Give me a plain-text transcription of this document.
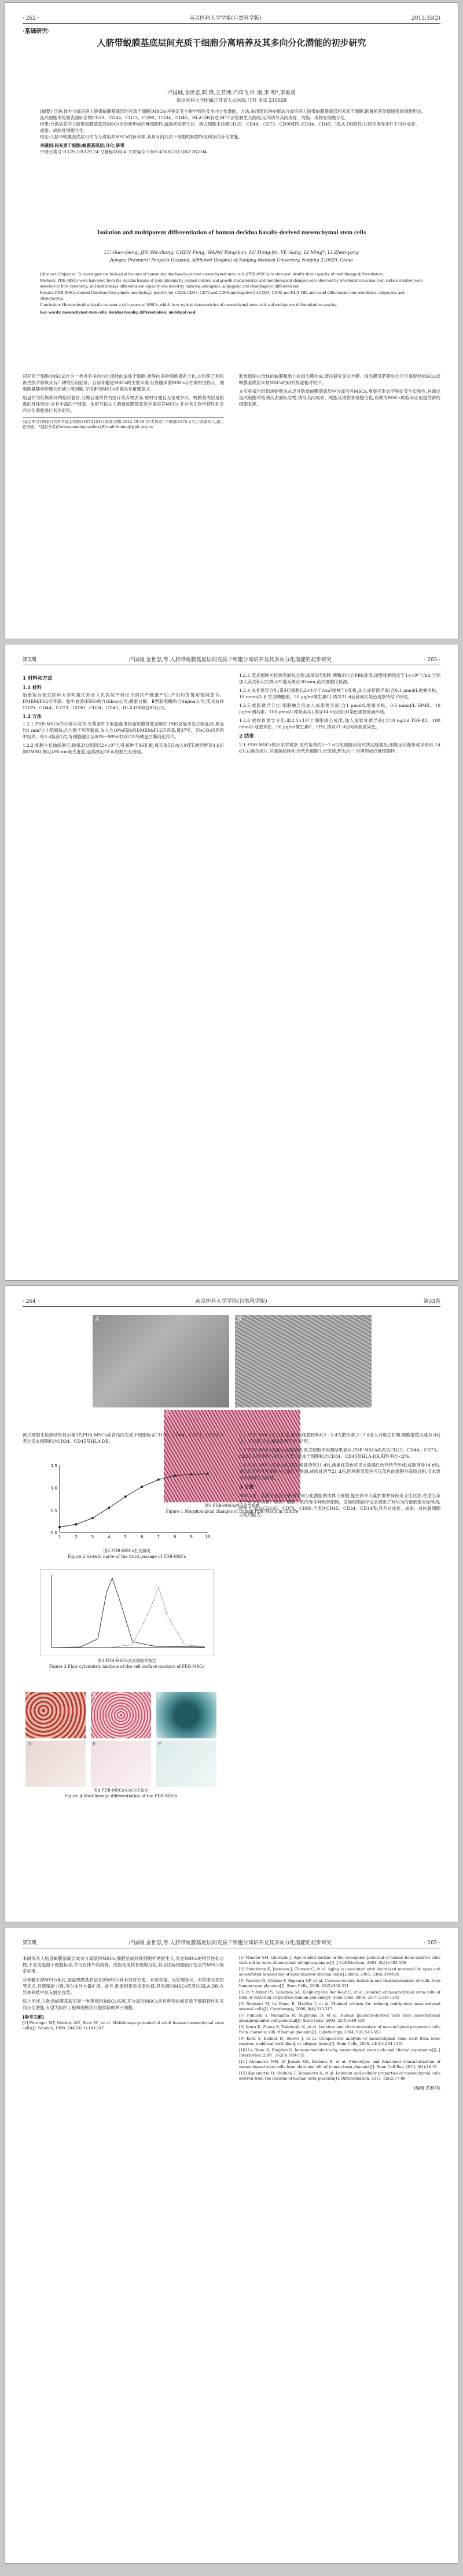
· 262 ·	南京医科大学学报(自然科学版)	2013,33(2)
·基础研究·
人脐带蜕膜基底层间充质干细胞分离培养及其多向分化潜能的初步研究
卢国城,金世忠,陈 锋,王芳坤,卢鸿飞,叶 刚,李 明*,李振勇
南京医科大学附属江苏省人民医院,江苏 南京 210029

[摘要] 目的:体外分离培养人脐带蜕膜基底层间充质干细胞(MSCs)并鉴定其生物学特性及多向分化潜能。方法:采用组织块贴壁法分离培养人脐带蜕膜基底层间充质干细胞,倒置相差显微镜观察细胞形态,流式细胞术检测表面标志物CD29、CD44、CD73、CD90、CD34、CD45、HLA-DR表达,MTT法绘制生长曲线,定向诱导其向成骨、成脂、成软骨细胞分化。

结果:分离培养的人脐带蜕膜基底层MSCs呈长梭形成纤维细胞样,漩涡状贴壁生长。流式细胞术检测CD29、CD44、CD73、CD90阳性,CD34、CD45、HLA-DR阴性;在特定诱导条件下可向成骨、成脂、成软骨细胞分化。

结论:人脐带蜕膜基底层可作为分离培养MSCs的新来源,其具有间充质干细胞的典型特征和多向分化潜能。

关键词:间充质干细胞;蜕膜基底层;分化;脐带

中图分类号:R329.2;R329.24 文献标识码:A 文章编号:1007-4368(2013)02-262-04

Isolation and multipotent differentiation of human decidua basalis-derived mesenchymal stem cells
LU Guo-cheng, JIN Shi-zhong, CHEN Feng, WANG Fang-kun, LU Hong-fei, YE Gang, LI Ming*, LI Zhen-yong
Jiangsu Provincial People's Hospital, Affiliated Hospital of Nanjing Medical University, Nanjing 210029, China

[Abstract] Objective: To investigate the biological features of human decidua basalis-derived mesenchymal stem cells (PDB-MSCs) in vitro and identify their capacity of multilineage differentiation.

Methods: PDB-MSCs were harvested from the decidua basalis of term placenta by explant culture, and growth characteristics and morphological changes were observed by inverted microscope. Cell surface markers were detected by flow cytometry, and multilineage differentiation capacity was tested by inducing osteogenic, adipogenic and chondrogenic differentiation.

Results: PDB-MSCs showed fibroblast-like spindle morphology, positive for CD29, CD44, CD73 and CD90 and negative for CD34, CD45 and HLA-DR, and could differentiate into osteoblasts, adipocytes and chondrocytes.

Conclusion: Human decidua basalis contains a rich source of MSCs, which have typical characteristics of mesenchymal stem cells and multipotent differentiation capacity.

Key words: mesenchymal stem cells; decidua basalis; differentiation; umbilical cord

间充质干细胞(MSCs)作为一类具有多向分化潜能的成体干细胞,能够向多种细胞谱系分化,在组织工程和再生医学领域具有广阔的应用前景。目前骨髓是MSCs的主要来源,但骨髓来源MSCs存在取材创伤大、细胞数量随年龄增长而减少等问题,寻找新的MSCs来源具有重要意义。

胎盘作为妊娠期间的临时器官,分娩后通常作为医疗废弃物丢弃,取材方便且无伦理争议。蜕膜基底层是胎盘的母体部分,含有丰富的干细胞。本研究拟从人胎盘蜕膜基底层分离培养MSCs,并对其生物学特性和多向分化潜能进行初步研究。

[基金项目] 国家自然科学基金资助(81071151) [收稿日期] 2012-09-18 [作者简介] 卢国城(1975-),男,江苏南京人,副主任医师。 *通信作者(Corresponding author),E-mail:liming@jsph.org.cn

胎盘组织由母体的蜕膜和胎儿的绒毛膜构成,既往研究显示羊膜、绒毛膜及脐带中均可分离得到MSCs,而蜕膜基底层来源MSCs的研究报道相对较少。

本实验采用组织块贴壁法从足月胎盘蜕膜基底层中分离培养MSCs,观察其形态学特征及生长特性,并通过流式细胞术检测其表面标志物,诱导其向成骨、成脂及成软骨细胞分化,以期为MSCs的临床应用提供新的细胞来源。

第2期	卢国城,金世忠,等.人脐带蜕膜基底层间充质干细胞分离培养及其多向分化潜能的初步研究	· 263 ·
1 材料和方法
1.1 材料

胎盘取自南京医科大学附属江苏省人民医院产科足月剖宫产健康产妇,产妇均签署知情同意书。DMEM/F12培养基、胎牛血清(FBS)购自Gibco公司;胰蛋白酶、Ⅱ型胶原酶购自Sigma公司;流式抗体CD29、CD44、CD73、CD90、CD34、CD45、HLA-DR购自BD公司。

1.2 方法

1.2.1 PDB-MSCs的分离与培养:无菌条件下取胎盘母体面蜕膜基底层组织,PBS反复冲洗去除血液,剪成约1 mm³大小组织块,均匀贴于培养瓶底,加入含10%FBS的DMEM/F12培养基,置37℃、5%CO₂培养箱中培养。每3 d换液1次,待细胞融合至80%~90%时以0.25%胰蛋白酶消化传代。

1.2.2 细胞生长曲线测定:取第3代细胞以2×10³个/孔接种于96孔板,每天取5孔加入MTT,继续孵育4 h后加DMSO,测定490 nm吸光度值,连续测定10 d,绘制生长曲线。

1.2.3 流式细胞术检测表面标志物:取第3代细胞,胰酶消化后PBS洗涤,调整细胞浓度至1×10⁶个/ml,分别加入荧光标记抗体,4℃避光孵育30 min,流式细胞仪检测。

1.2.4 成骨诱导分化:第3代细胞以2×10⁴个/cm²接种于6孔板,加入成骨诱导液(含0.1 μmol/L地塞米松、10 mmol/L β-甘油磷酸钠、50 μg/ml维生素C),诱导21 d后茜素红染色观察钙结节形成。

1.2.5 成脂诱导分化:细胞融合后加入成脂诱导液(含1 μmol/L地塞米松、0.5 mmol/L IBMX、10 μg/ml胰岛素、100 μmol/L吲哚美辛),诱导14 d后油红O染色观察脂滴形成。

1.2.6 成软骨诱导分化:取2.5×10⁵个细胞离心成团,加入成软骨诱导液(含10 ng/ml TGF-β3、100 nmol/L地塞米松、50 μg/ml维生素C、ITS),诱导21 d后阿利新蓝染色。

2 结果

2.1 PDB-MSCs的形态学观察:原代培养约5~7 d可见细胞从组织块边缘爬出,细胞呈长梭形或多角形,14 d左右融合成片,呈漩涡状排列;传代后细胞生长迅速,形态均一,呈典型成纤维细胞样。

· 264 ·	南京医科大学学报(自然科学版)	第33卷
A
	B

C
图1 PDB-MSCs的形态学观察
Figure 1 Morphological changes of human PDB-MSCs in culture

流式细胞术检测结果显示第3代PDB-MSCs高表达间充质干细胞标志CD29、CD44、CD73、CD90,不表达造血细胞标志CD34、CD45及HLA-DR。

0.0
0.5
1.0
1.5
1	2	3	4	5	6	7	8	9	10
图2 PDB-MSCs生长曲线
Figure 2 Growth curve of the third passage of PDB-MSCs
图3 PDB-MSCs流式细胞术鉴定
Figure 3 Flow cytometric analysis of the cell surface markers of PDB-MSCs
A
	B
	C

D
	E
	F
图4 PDB-MSCs多向分化鉴定
Figure 4 Multilineage differentiation of the PDB-MSCs

2.2 PDB-MSCs生长曲线:第3代细胞接种后1~2 d为潜伏期,3~7 d进入对数生长期,细胞增殖迅速,8 d后进入平台期,生长曲线呈典型的"S"形。

2.3 PDB-MSCs表面标志物检测:流式细胞术检测结果显示,PDB-MSCs高表达CD29、CD44、CD73、CD90,阳性率均>95%;不表达造血干细胞标志CD34、CD45及HLA-DR,阳性率均<2%。

2.4 PDB-MSCs多向分化潜能:成骨诱导21 d后,茜素红染色可见大量橘红色钙结节形成;成脂诱导14 d后,油红O染色可见细胞内大量红色脂滴;成软骨诱导21 d后,阿利新蓝染色可见蓝色的细胞外基质沉积,而未诱导对照组均为阴性。

3 讨论

MSCs是一类具有自我更新和多向分化潜能的成体干细胞,能在体外大量扩增并保持未分化状态,在适当条件下可分化为骨、软骨、脂肪、肌肉等多种组织细胞。国际细胞治疗协会提出了MSCs的最低鉴定标准:贴壁生长;表达CD105、CD73、CD90,不表达CD45、CD34、CD14等;具有向成骨、成脂、成软骨细胞分化的能力。

第2期	卢国城,金世忠,等.人脐带蜕膜基底层间充质干细胞分离培养及其多向分化潜能的初步研究	· 265 ·

本研究从人胎盘蜕膜基底层成功分离获得MSCs,细胞呈成纤维细胞样贴壁生长,表达MSCs的特异性标志物,不表达造血干细胞标志,并可在体外向成骨、成脂及成软骨细胞分化,符合国际细胞治疗协会的MSCs鉴定标准。

与骨髓来源MSCs相比,胎盘蜕膜基底层来源MSCs具有取材方便、来源丰富、无伦理争议、对供者无损伤等优点,且增殖能力强,可在体外大量扩增。此外,胎盘组织免疫原性低,其来源的MSCs低表达HLA-DR,在异体移植中具有潜在优势。

综上所述,人胎盘蜕膜基底层是一种理想的MSCs来源,其分离的MSCs具有典型的间充质干细胞特性和多向分化潜能,有望为组织工程和细胞治疗提供新的种子细胞。

[参考文献]

[1] Pittenger MF, Mackay AM, Beck SC, et al. Multilineage potential of adult human mesenchymal stem cells[J]. Science, 1999, 284(5411):143-147

[2] Mueller SM, Glowacki J. Age-related decline in the osteogenic potential of human bone marrow cells cultured in three-dimensional collagen sponges[J]. J Cell Biochem, 2001, 82(4):583-590

[3] Stenderup K, Justesen J, Clausen C, et al. Aging is associated with decreased maximal life span and accelerated senescence of bone marrow stromal cells[J]. Bone, 2003, 33(6):919-926

[4] Parolini O, Alviano F, Bagnara GP, et al. Concise review: isolation and characterization of cells from human term placenta[J]. Stem Cells, 2008, 26(2):300-311

[5] In 't Anker PS, Scherjon SA, Kleijburg-van der Keur C, et al. Isolation of mesenchymal stem cells of fetal or maternal origin from human placenta[J]. Stem Cells, 2004, 22(7):1338-1345

[6] Dominici M, Le Blanc K, Mueller I, et al. Minimal criteria for defining multipotent mesenchymal stromal cells[J]. Cytotherapy, 2006, 8(4):315-317

[7] Fukuchi Y, Nakajima H, Sugiyama D, et al. Human placenta-derived cells have mesenchymal stem/progenitor cell potential[J]. Stem Cells, 2004, 22(5):649-658

[8] Igura K, Zhang X, Takahashi K, et al. Isolation and characterization of mesenchymal progenitor cells from chorionic villi of human placenta[J]. Cytotherapy, 2004, 6(6):543-553

[9] Kern S, Eichler H, Stoeve J, et al. Comparative analysis of mesenchymal stem cells from bone marrow, umbilical cord blood, or adipose tissue[J]. Stem Cells, 2006, 24(5):1294-1301

[10] Le Blanc K, Ringden O. Immunomodulation by mesenchymal stem cells and clinical experience[J]. J Intern Med, 2007, 262(5):509-525

[11] Abumaree MH, Al Jumah MA, Kalionis B, et al. Phenotypic and functional characterization of mesenchymal stem cells from chorionic villi of human term placenta[J]. Stem Cell Rev, 2013, 9(1):16-31

[12] Kanematsu D, Shofuda T, Yamamoto A, et al. Isolation and cellular properties of mesenchymal cells derived from the decidua of human term placenta[J]. Differentiation, 2011, 82(2):77-88

(编辑:黄利萍)
